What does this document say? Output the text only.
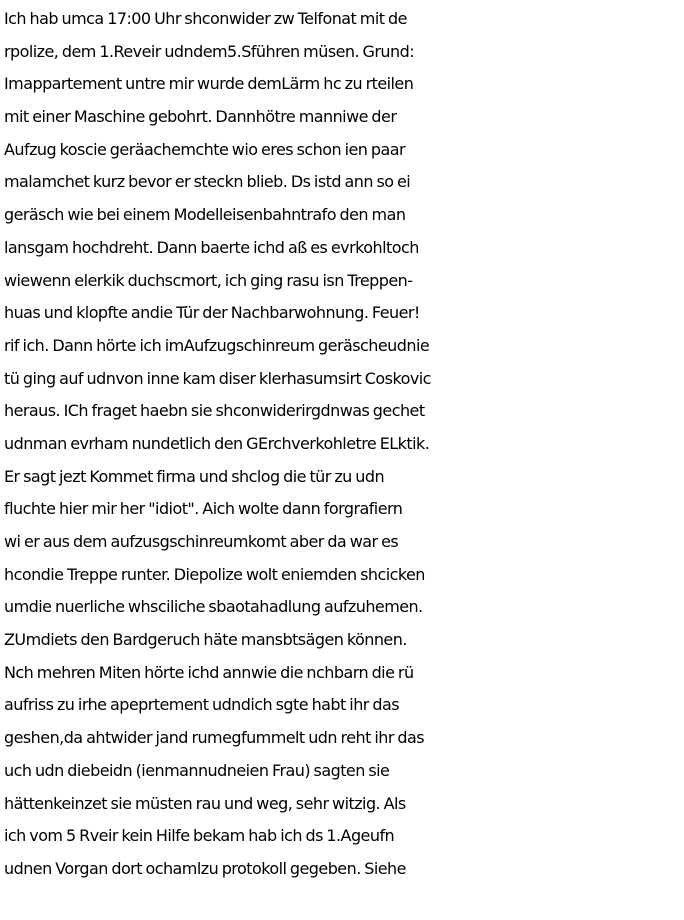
Ich hab umca 17:00 Uhr shconwider zw Telfonat mit de
rpolize, dem 1.Reveir udndem5.Sführen müsen. Grund:
Imappartement untre mir wurde demLärm hc zu rteilen
mit einer Maschine gebohrt. Dannhötre manniwe der
Aufzug koscie geräachemchte wio eres schon ien paar
malamchet kurz bevor er steckn blieb. Ds istd ann so ei
geräsch wie bei einem Modelleisenbahntrafo den man
lansgam hochdreht. Dann baerte ichd aß es evrkohltoch
wiewenn elerkik duchscmort, ich ging rasu isn Treppen-
huas und klopfte andie Tür der Nachbarwohnung. Feuer!
rif ich. Dann hörte ich imAufzugschinreum geräscheudnie
tü ging auf udnvon inne kam diser klerhasumsirt Coskovic
heraus. ICh fraget haebn sie shconwiderirgdnwas gechet
udnman evrham nundetlich den GErchverkohletre ELktik.
Er sagt jezt Kommet firma und shclog die tür zu udn
fluchte hier mir her "idiot". Aich wolte dann forgrafiern
wi er aus dem aufzusgschinreumkomt aber da war es
hcondie Treppe runter. Diepolize wolt eniemden shcicken
umdie nuerliche whsciliche sbaotahadlung aufzuhemen.
ZUmdiets den Bardgeruch häte mansbtsägen können.
Nch mehren Miten hörte ichd annwie die nchbarn die rü
aufriss zu irhe apeprtement udndich sgte habt ihr das
geshen,da ahtwider jand rumegfummelt udn reht ihr das
uch udn diebeidn (ienmannudneien Frau) sagten sie
hättenkeinzet sie müsten rau und weg, sehr witzig. Als
ich vom 5 Rveir kein Hilfe bekam hab ich ds 1.Ageufn
udnen Vorgan dort ochamlzu protokoll gegeben. Siehe
